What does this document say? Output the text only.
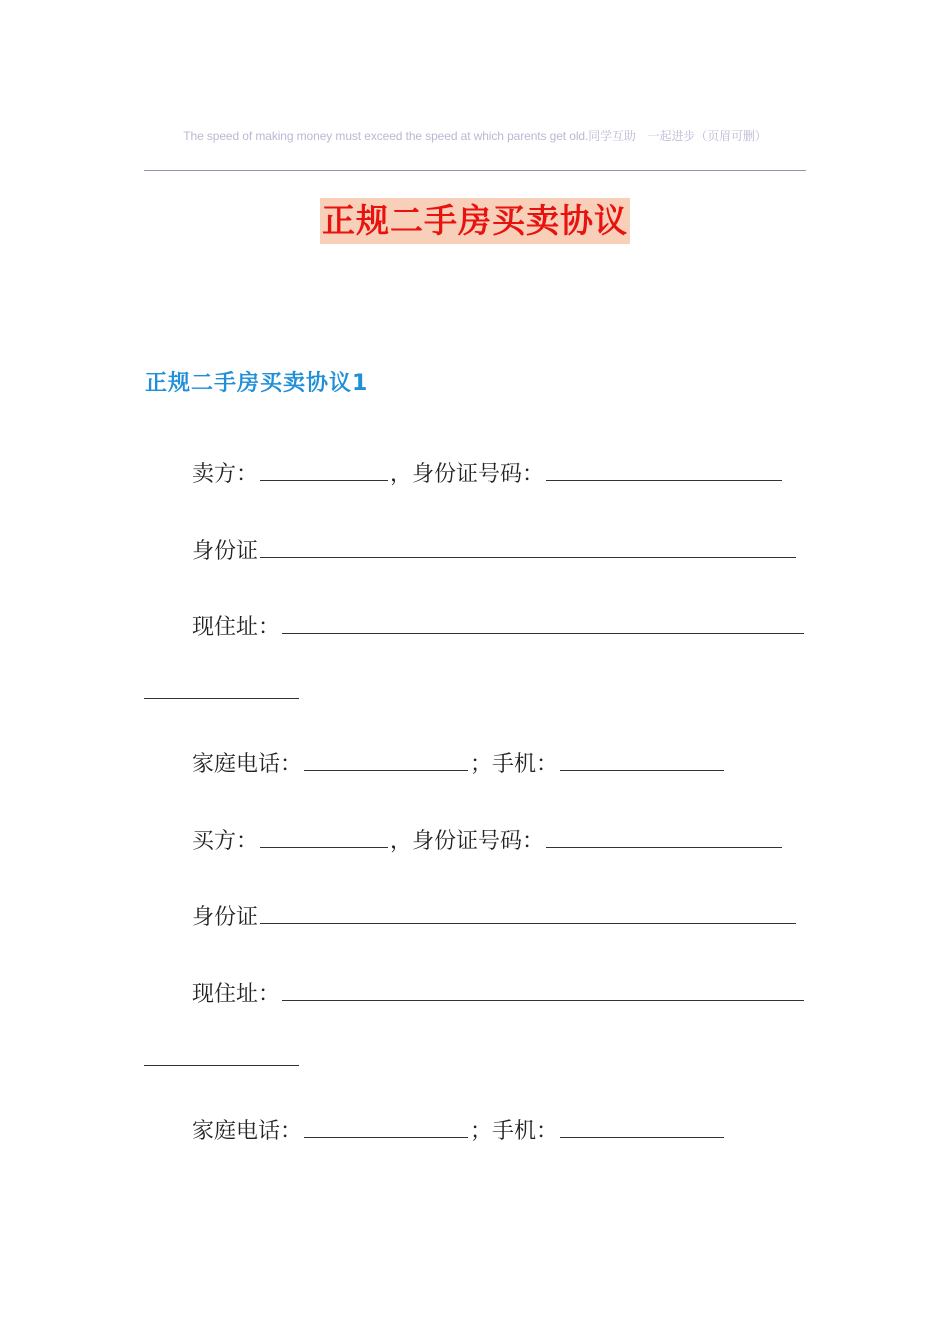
The speed of making money must exceed the speed at which parents get old.同学互助　一起进步（页眉可删）
正规二手房买卖协议
正规二手房买卖协议1
卖方：	，身份证号码：
身份证
现住址：
家庭电话：	；手机：
买方：	，身份证号码：
身份证
现住址：
家庭电话：	；手机：
